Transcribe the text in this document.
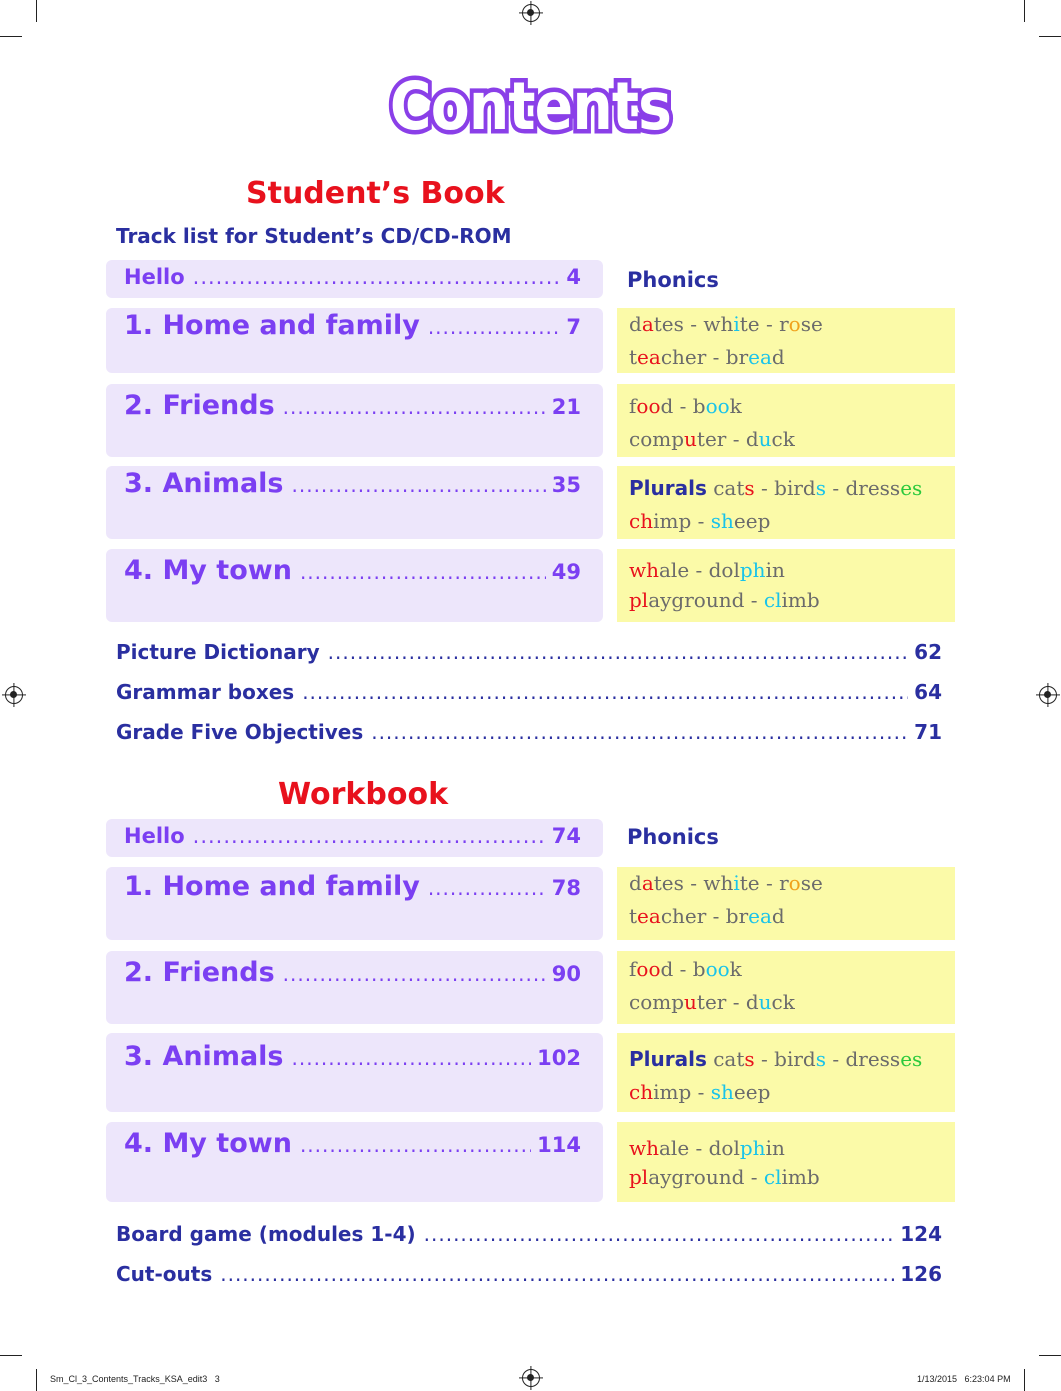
Contents
Student’s Book
Track list for Student’s CD/CD-ROM
Hello .....	4 Phonics
1. Home and family .....	7
2. Friends .....	21
3. Animals .....	35
4. My town .....	49
dates - white - rose
teacher - bread
food - book
computer - duck
Plurals cats - birds - dresses
chimp - sheep
whale - dolphin
playground - climb
Picture Dictionary .....	62
Grammar boxes .....	64
Grade Five Objectives .....	71
Workbook
Hello .....	74 Phonics
1. Home and family .....	78
2. Friends .....	90
3. Animals .....	102
4. My town .....	114
dates - white - rose
teacher - bread
food - book
computer - duck
Plurals cats - birds - dresses
chimp - sheep
whale - dolphin
playground - climb
Board game (modules 1-4) .....	124
Cut-outs .....	126
Sm_Cl_3_Contents_Tracks_KSA_edit3   3	1/13/2015   6:23:04 PM
